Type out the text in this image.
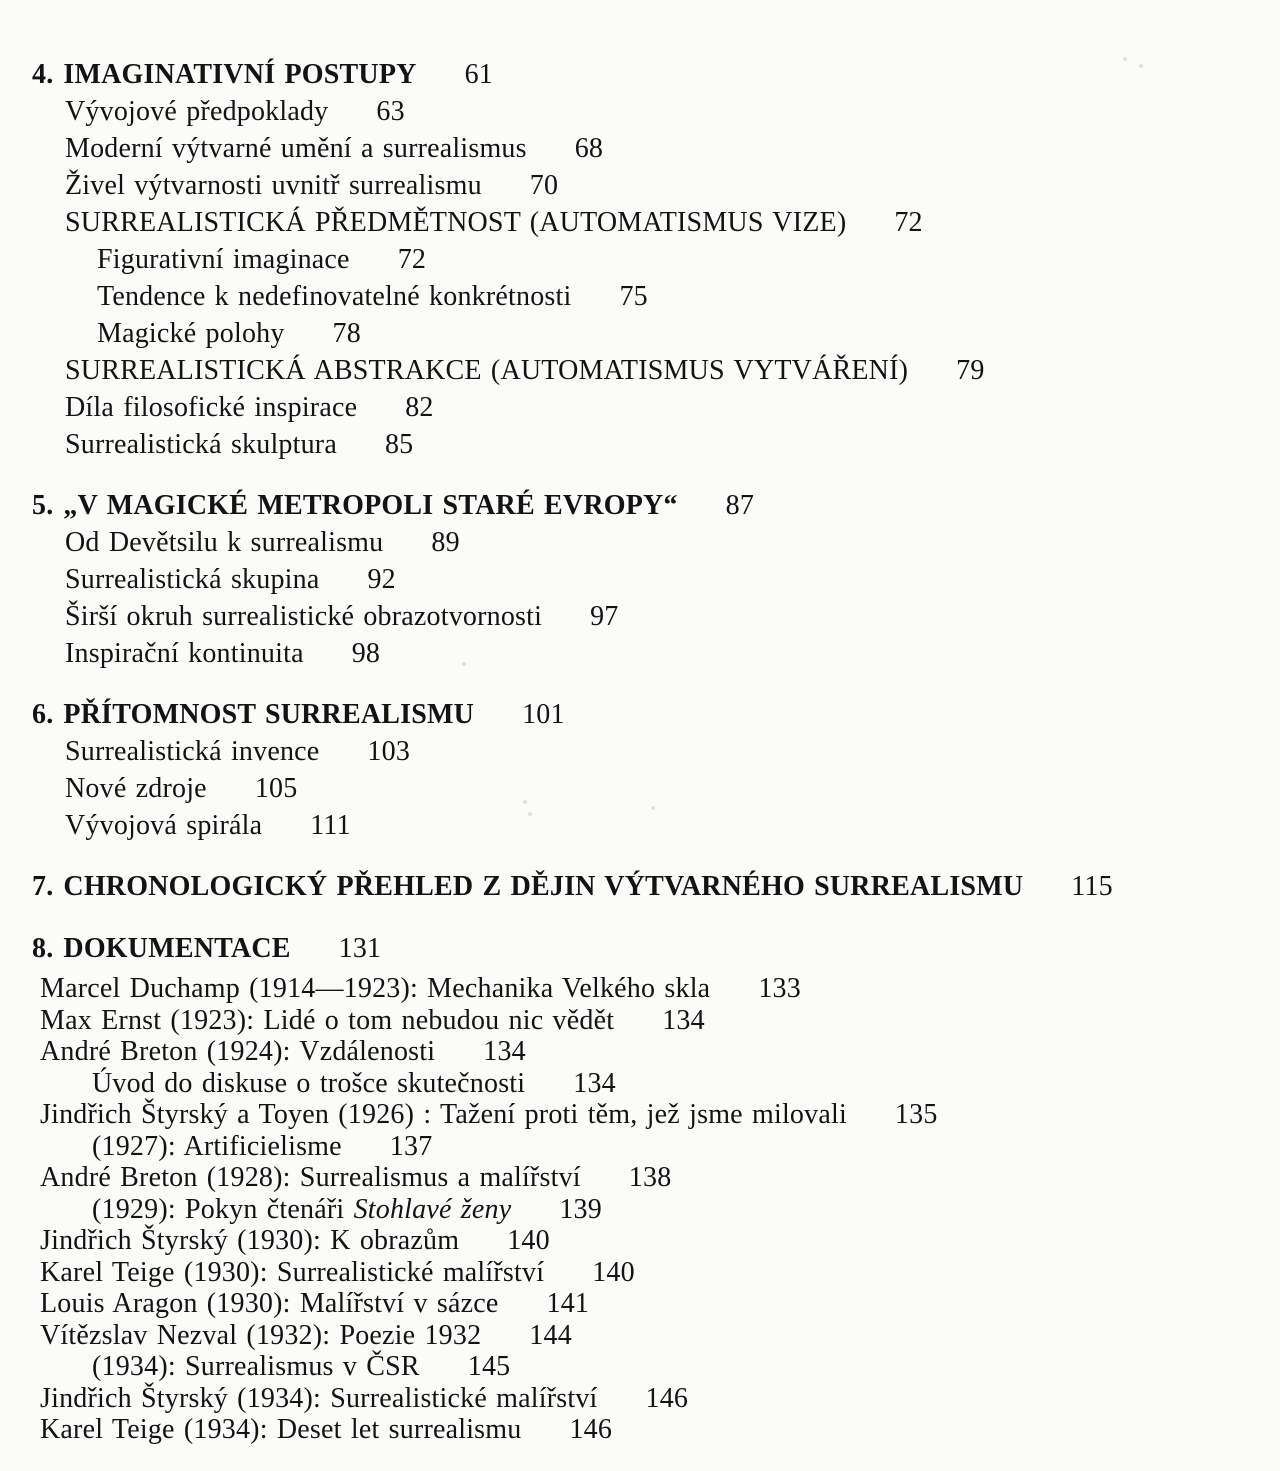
4. IMAGINATIVNÍ POSTUPY 61
Vývojové předpoklady 63
Moderní výtvarné umění a surrealismus 68
Živel výtvarnosti uvnitř surrealismu 70
SURREALISTICKÁ PŘEDMĚTNOST (AUTOMATISMUS VIZE) 72
Figurativní imaginace 72
Tendence k nedefinovatelné konkrétnosti 75
Magické polohy 78
SURREALISTICKÁ ABSTRAKCE (AUTOMATISMUS VYTVÁŘENÍ) 79
Díla filosofické inspirace 82
Surrealistická skulptura 85
5. „V MAGICKÉ METROPOLI STARÉ EVROPY“ 87
Od Devětsilu k surrealismu 89
Surrealistická skupina 92
Širší okruh surrealistické obrazotvornosti 97
Inspirační kontinuita 98
6. PŘÍTOMNOST SURREALISMU 101
Surrealistická invence 103
Nové zdroje 105
Vývojová spirála 111
7. CHRONOLOGICKÝ PŘEHLED Z DĚJIN VÝTVARNÉHO SURREALISMU 115
8. DOKUMENTACE 131
Marcel Duchamp (1914—1923): Mechanika Velkého skla 133
Max Ernst (1923): Lidé o tom nebudou nic vědět 134
André Breton (1924): Vzdálenosti 134
Úvod do diskuse o trošce skutečnosti 134
Jindřich Štyrský a Toyen (1926) : Tažení proti těm, jež jsme milovali 135
(1927): Artificielisme 137
André Breton (1928): Surrealismus a malířství 138
(1929): Pokyn čtenáři Stohlavé ženy 139
Jindřich Štyrský (1930): K obrazům 140
Karel Teige (1930): Surrealistické malířství 140
Louis Aragon (1930): Malířství v sázce 141
Vítězslav Nezval (1932): Poezie 1932 144
(1934): Surrealismus v ČSR 145
Jindřich Štyrský (1934): Surrealistické malířství 146
Karel Teige (1934): Deset let surrealismu 146
